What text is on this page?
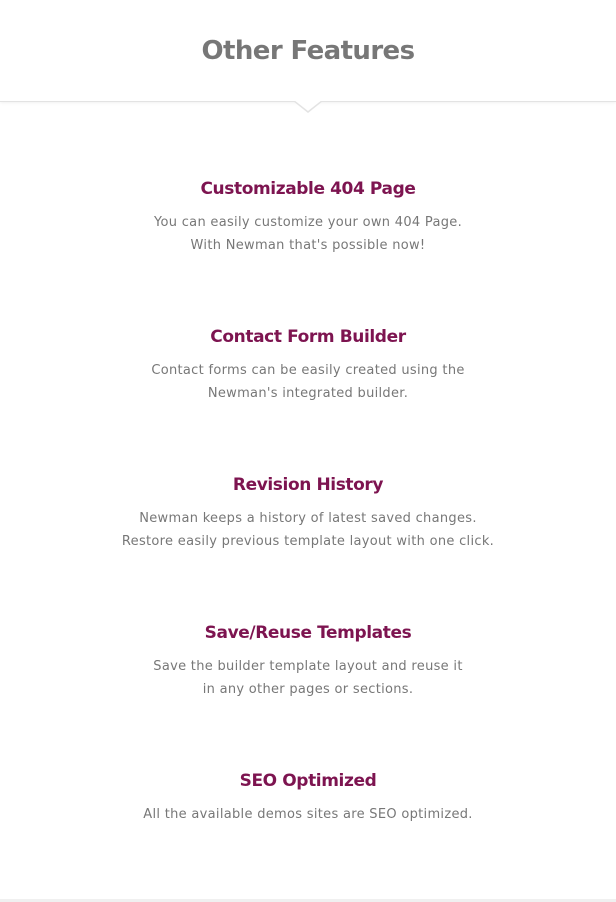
Other Features
Customizable 404 Page

You can easily customize your own 404 Page.
With Newman that's possible now!

Contact Form Builder

Contact forms can be easily created using the
Newman's integrated builder.

Revision History

Newman keeps a history of latest saved changes.
Restore easily previous template layout with one click.

Save/Reuse Templates

Save the builder template layout and reuse it
in any other pages or sections.

SEO Optimized

All the available demos sites are SEO optimized.
